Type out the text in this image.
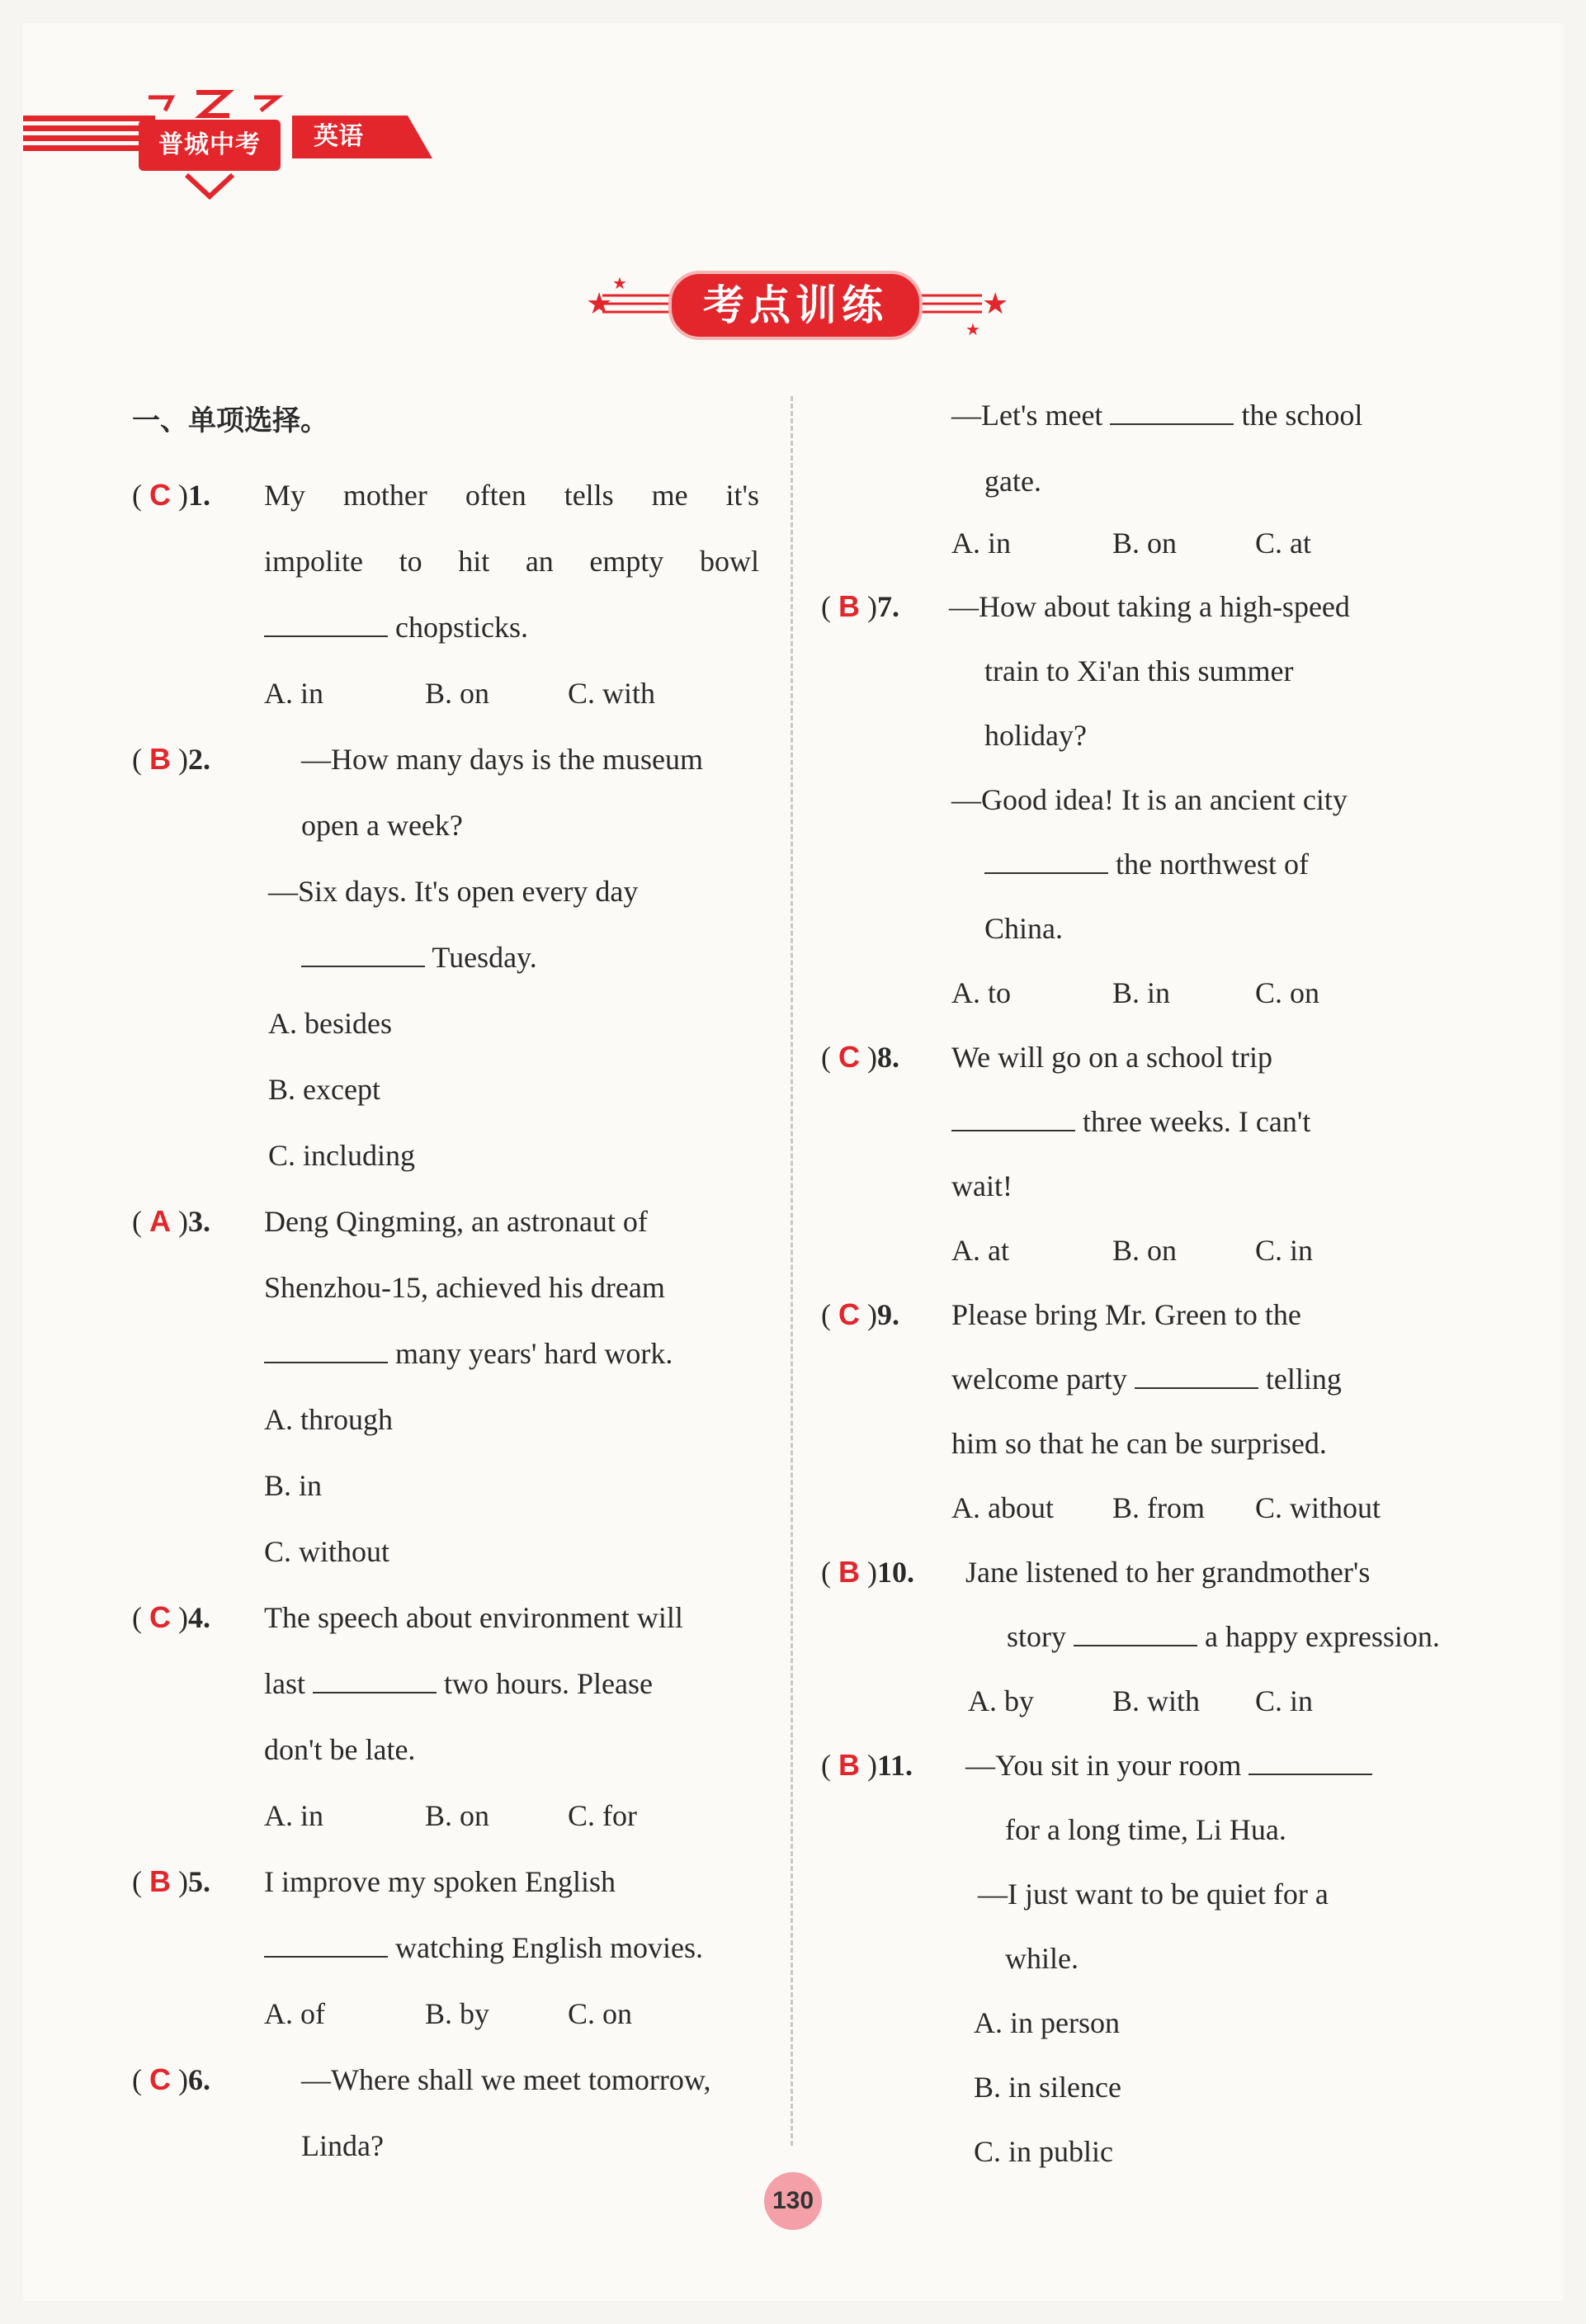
普城中考	英语
★	★
★
★
考点训练
一、单项选择。
( C )1. My mother often tells me it's
impolite to hit an empty bowl
chopsticks.
A. in	B. on	C. with
( B )2.	—How many days is the museum
open a week?
—Six days. It's open every day
Tuesday.
A. besides
B. except
C. including
( A )3. Deng Qingming, an astronaut of
Shenzhou-15, achieved his dream
many years' hard work.
A. through
B. in
C. without
( C )4. The speech about environment will
last	two hours. Please
don't be late.
A. in	B. on	C. for
( B )5. I improve my spoken English
watching English movies.
A. of	B. by	C. on
( C )6.	—Where shall we meet tomorrow,
Linda?
—Let's meet	the school
gate.
A. in	B. on	C. at
( B )7. —How about taking a high-speed
train to Xi'an this summer
holiday?
—Good idea! It is an ancient city
the northwest of
China.
A. to	B. in	C. on
( C )8. We will go on a school trip
three weeks. I can't
wait!
A. at	B. on	C. in
( C )9. Please bring Mr. Green to the
welcome party	telling
him so that he can be surprised.
A. about B. from C. without
( B )10. Jane listened to her grandmother's
story	a happy expression.
A. by	B. with C. in
( B )11. —You sit in your room
for a long time, Li Hua.
—I just want to be quiet for a
while.
A. in person
B. in silence
C. in public
130
